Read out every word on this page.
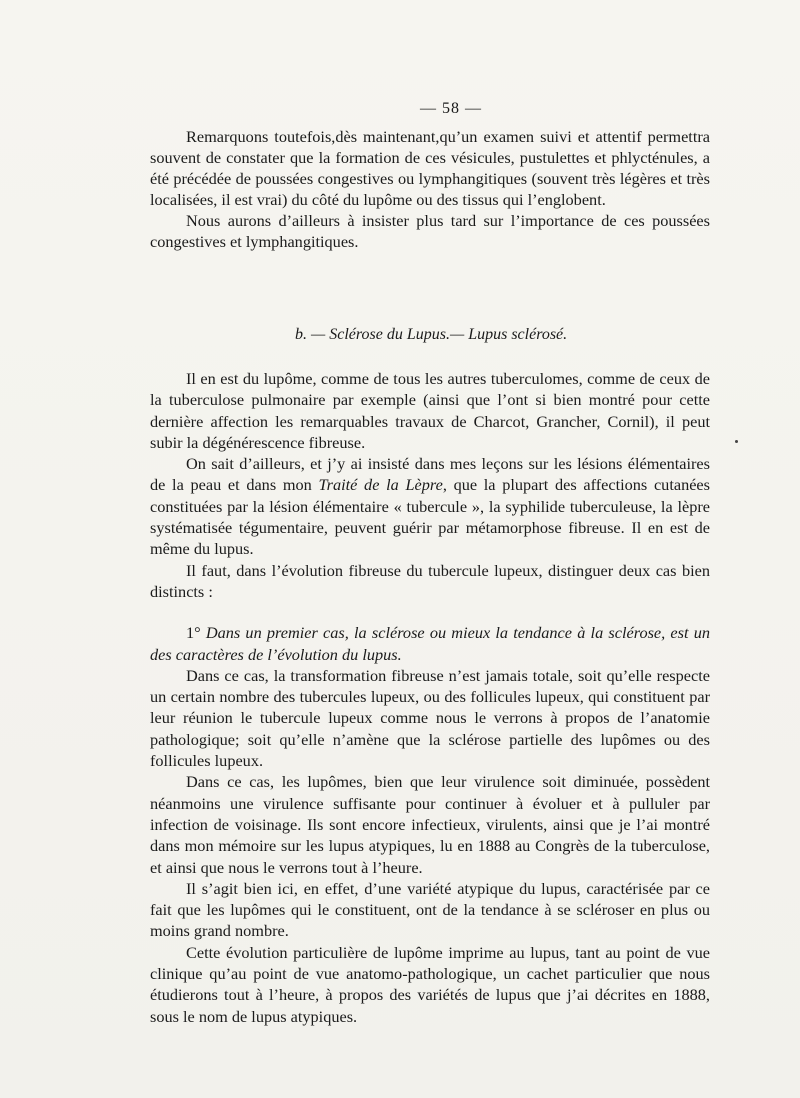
— 58 —

Remarquons toutefois,dès maintenant,qu’un examen suivi et attentif permettra souvent de constater que la formation de ces vésicules, pustulettes et phlycténules, a été précédée de poussées congestives ou lymphangitiques (souvent très légères et très localisées, il est vrai) du côté du lupôme ou des tissus qui l’englobent.

Nous aurons d’ailleurs à insister plus tard sur l’importance de ces poussées congestives et lymphangitiques.

b. — Sclérose du Lupus.— Lupus sclérosé.

Il en est du lupôme, comme de tous les autres tuberculomes, comme de ceux de la tuberculose pulmonaire par exemple (ainsi que l’ont si bien montré pour cette dernière affection les remarquables travaux de Charcot, Grancher, Cornil), il peut subir la dégénérescence fibreuse.

On sait d’ailleurs, et j’y ai insisté dans mes leçons sur les lésions élémentaires de la peau et dans mon Traité de la Lèpre, que la plupart des affections cutanées constituées par la lésion élémentaire « tubercule », la syphilide tuberculeuse, la lèpre systématisée tégumentaire, peuvent guérir par métamorphose fibreuse. Il en est de même du lupus.

Il faut, dans l’évolution fibreuse du tubercule lupeux, distinguer deux cas bien distincts :

1° Dans un premier cas, la sclérose ou mieux la tendance à la sclérose, est un des caractères de l’évolution du lupus.

Dans ce cas, la transformation fibreuse n’est jamais totale, soit qu’elle respecte un certain nombre des tubercules lupeux, ou des follicules lupeux, qui constituent par leur réunion le tubercule lupeux comme nous le verrons à propos de l’anatomie pathologique; soit qu’elle n’amène que la sclérose partielle des lupômes ou des follicules lupeux.

Dans ce cas, les lupômes, bien que leur virulence soit diminuée, possèdent néanmoins une virulence suffisante pour continuer à évoluer et à pulluler par infection de voisinage. Ils sont encore infectieux, virulents, ainsi que je l’ai montré dans mon mémoire sur les lupus atypiques, lu en 1888 au Congrès de la tuberculose, et ainsi que nous le verrons tout à l’heure.

Il s’agit bien ici, en effet, d’une variété atypique du lupus, caractérisée par ce fait que les lupômes qui le constituent, ont de la tendance à se scléroser en plus ou moins grand nombre.

Cette évolution particulière de lupôme imprime au lupus, tant au point de vue clinique qu’au point de vue anatomo-pathologique, un cachet particulier que nous étudierons tout à l’heure, à propos des variétés de lupus que j’ai décrites en 1888, sous le nom de lupus atypiques.
